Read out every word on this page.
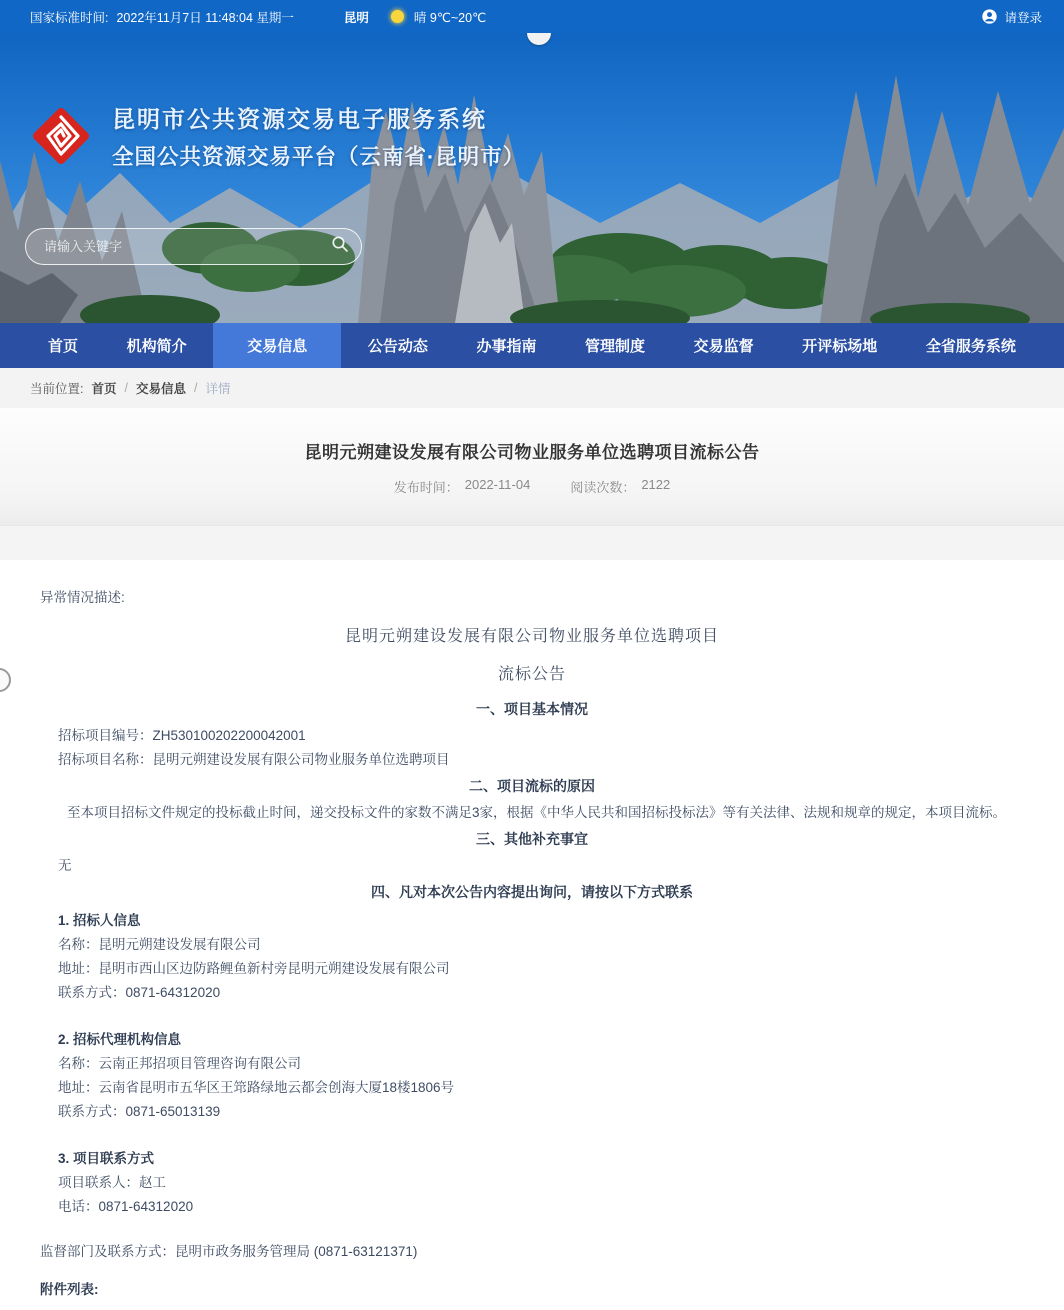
国家标准时间: 2022年11月7日 11:48:04 星期一	昆明	晴 9℃~20℃	请登录
昆明市公共资源交易电子服务系统
全国公共资源交易平台（云南省·昆明市）
请输入关键字
首页	机构简介	交易信息	公告动态	办事指南	管理制度	交易监督	开评标场地	全省服务系统
当前位置: 首页 / 交易信息 / 详情
昆明元朔建设发展有限公司物业服务单位选聘项目流标公告
发布时间： 2022-11-04	阅读次数： 2122
异常情况描述:
昆明元朔建设发展有限公司物业服务单位选聘项目
流标公告
一、项目基本情况
招标项目编号：ZH530100202200042001
招标项目名称：昆明元朔建设发展有限公司物业服务单位选聘项目
二、项目流标的原因
至本项目招标文件规定的投标截止时间，递交投标文件的家数不满足3家，根据《中华人民共和国招标投标法》等有关法律、法规和规章的规定，本项目流标。
三、其他补充事宜
无
四、凡对本次公告内容提出询问，请按以下方式联系
1. 招标人信息
名称：昆明元朔建设发展有限公司
地址：昆明市西山区边防路鲤鱼新村旁昆明元朔建设发展有限公司
联系方式：0871-64312020
2. 招标代理机构信息
名称：云南正邦招项目管理咨询有限公司
地址：云南省昆明市五华区王筇路绿地云都会创海大厦18楼1806号
联系方式：0871-65013139
3. 项目联系方式
项目联系人：赵工
电话：0871-64312020
监督部门及联系方式：昆明市政务服务管理局 (0871-63121371)
附件列表:
